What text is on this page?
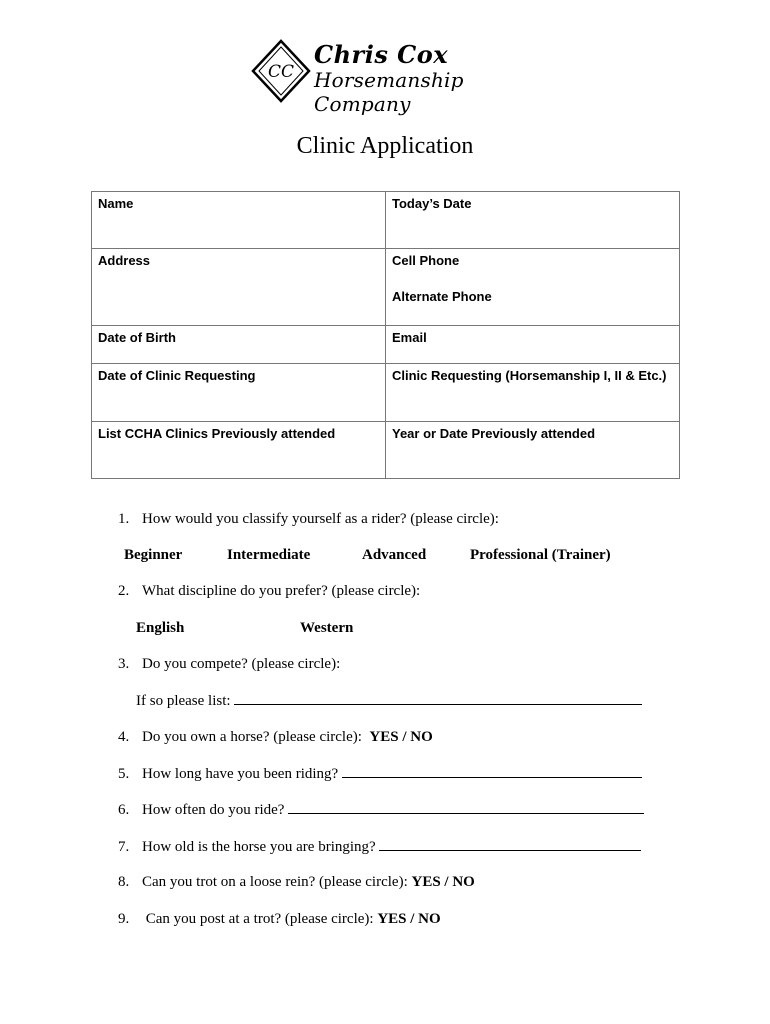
CC
Chris Cox
Horsemanship Company
Clinic Application
Name	Today’s Date

Address	Cell Phone
Alternate Phone

Date of Birth	Email

Date of Clinic Requesting	Clinic Requesting (Horsemanship I, II & Etc.)

List CCHA Clinics Previously attended	Year or Date Previously attended
1. How would you classify yourself as a rider? (please circle):
Beginner	Intermediate	Advanced	Professional (Trainer)
2. What discipline do you prefer? (please circle):
English	Western
3. Do you compete? (please circle):
If so please list:
4. Do you own a horse? (please circle): YES / NO
5. How long have you been riding?
6. How often do you ride?
7. How old is the horse you are bringing?
8. Can you trot on a loose rein? (please circle): YES / NO
9. Can you post at a trot? (please circle): YES / NO
